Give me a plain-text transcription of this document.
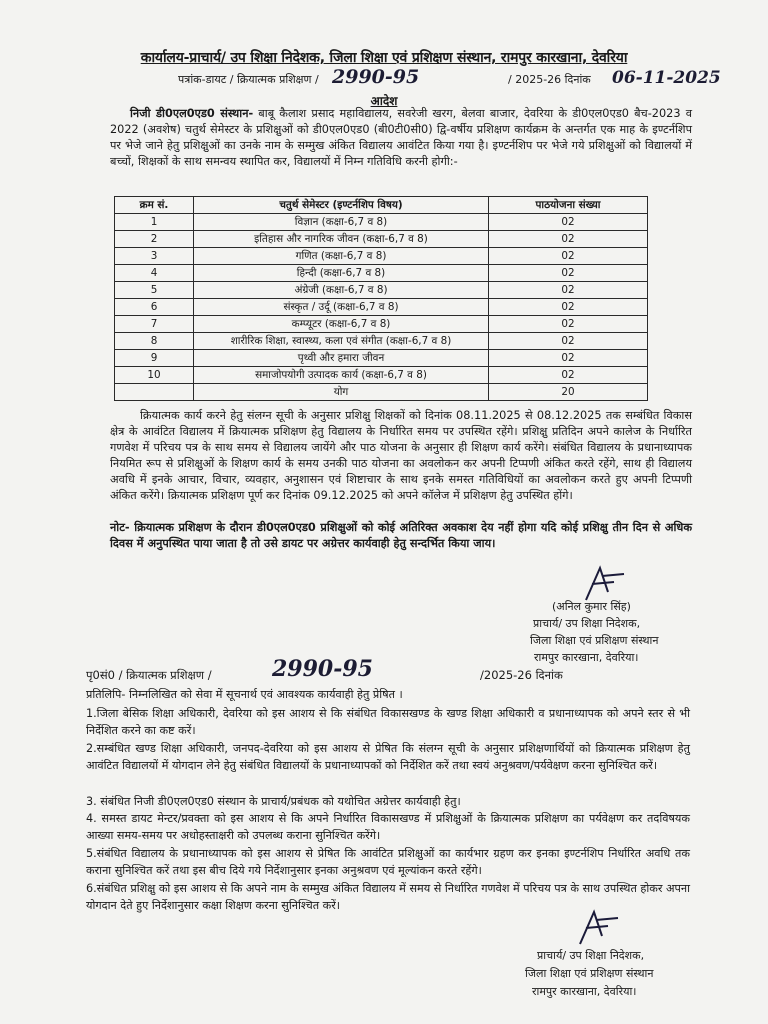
कार्यालय-प्राचार्य/ उप शिक्षा निदेशक, जिला शिक्षा एवं प्रशिक्षण संस्थान, रामपुर कारखाना, देवरिया
पत्रांक-डायट / क्रियात्मक प्रशिक्षण / 2990-95	/ 2025-26 दिनांक 06-11-2025
आदेश
निजी डी0एल0एड0 संस्थान- बाबू कैलाश प्रसाद महाविद्यालय, सवरेजी खरग, बेलवा बाजार, देवरिया के डी0एल0एड0 बैच-2023 व 2022 (अवशेष) चतुर्थ सेमेस्टर के प्रशिक्षुओं को डी0एल0एड0 (बी0टी0सी0) द्वि-वर्षीय प्रशिक्षण कार्यक्रम के अन्तर्गत एक माह के इण्टर्नशिप पर भेजे जाने हेतु प्रशिक्षुओं का उनके नाम के सम्मुख अंकित विद्यालय आवंटित किया गया है। इण्टर्नशिप पर भेजे गये प्रशिक्षुओं को विद्यालयों में बच्चों, शिक्षकों के साथ समन्वय स्थापित कर, विद्यालयों में निम्न गतिविधि करनी होगी:-
क्रम सं.	चतुर्थ सेमेस्टर (इण्टर्नशिप विषय)	पाठयोजना संख्या
1	विज्ञान (कक्षा-6,7 व 8)	02
2	इतिहास और नागरिक जीवन (कक्षा-6,7 व 8)	02
3	गणित (कक्षा-6,7 व 8)	02
4	हिन्दी (कक्षा-6,7 व 8)	02
5	अंग्रेजी (कक्षा-6,7 व 8)	02
6	संस्कृत / उर्दू (कक्षा-6,7 व 8)	02
7	कम्प्यूटर (कक्षा-6,7 व 8)	02
8	शारीरिक शिक्षा, स्वास्थ्य, कला एवं संगीत (कक्षा-6,7 व 8)	02
9	पृथ्वी और हमारा जीवन	02
10	समाजोपयोगी उत्पादक कार्य (कक्षा-6,7 व 8)	02
	योग	20
क्रियात्मक कार्य करने हेतु संलग्न सूची के अनुसार प्रशिक्षु शिक्षकों को दिनांक 08.11.2025 से 08.12.2025 तक सम्बंधित विकास क्षेत्र के आवंटित विद्यालय में क्रियात्मक प्रशिक्षण हेतु विद्यालय के निर्धारित समय पर उपस्थित रहेंगे। प्रशिक्षु प्रतिदिन अपने कालेज के निर्धारित गणवेश में परिचय पत्र के साथ समय से विद्यालय जायेंगे और पाठ योजना के अनुसार ही शिक्षण कार्य करेंगे। संबंधित विद्यालय के प्रधानाध्यापक नियमित रूप से प्रशिक्षुओं के शिक्षण कार्य के समय उनकी पाठ योजना का अवलोकन कर अपनी टिप्पणी अंकित करते रहेंगे, साथ ही विद्यालय अवधि में इनके आचार, विचार, व्यवहार, अनुशासन एवं शिष्टाचार के साथ इनके समस्त गतिविधियों का अवलोकन करते हुए अपनी टिप्पणी अंकित करेंगे। क्रियात्मक प्रशिक्षण पूर्ण कर दिनांक 09.12.2025 को अपने कॉलेज में प्रशिक्षण हेतु उपस्थित होंगे।
नोट- क्रियात्मक प्रशिक्षण के दौरान डी0एल0एड0 प्रशिक्षुओं को कोई अतिरिक्त अवकाश देय नहीं होगा यदि कोई प्रशिक्षु तीन दिन से अधिक दिवस में अनुपस्थित पाया जाता है तो उसे डायट पर अग्रेत्तर कार्यवाही हेतु सन्दर्भित किया जाय।
(अनिल कुमार सिंह)
प्राचार्य/ उप शिक्षा निदेशक,
जिला शिक्षा एवं प्रशिक्षण संस्थान
रामपुर कारखाना, देवरिया।
पृ0सं0 / क्रियात्मक प्रशिक्षण /	2990-95	/2025-26 दिनांक
प्रतिलिपि- निम्नलिखित को सेवा में सूचनार्थ एवं आवश्यक कार्यवाही हेतु प्रेषित ।
1.जिला बेसिक शिक्षा अधिकारी, देवरिया को इस आशय से कि संबंधित विकासखण्ड के खण्ड शिक्षा अधिकारी व प्रधानाध्यापक को अपने स्तर से भी निर्देशित करने का कष्ट करें।
2.सम्बंधित खण्ड शिक्षा अधिकारी, जनपद-देवरिया को इस आशय से प्रेषित कि संलग्न सूची के अनुसार प्रशिक्षणार्थियों को क्रियात्मक प्रशिक्षण हेतु आवंटित विद्यालयों में योगदान लेने हेतु संबंधित विद्यालयों के प्रधानाध्यापकों को निर्देशित करें तथा स्वयं अनुश्रवण/पर्यवेक्षण करना सुनिश्चित करें।
3. संबंधित निजी डी0एल0एड0 संस्थान के प्राचार्य/प्रबंधक को यथोचित अग्रेत्तर कार्यवाही हेतु।
4. समस्त डायट मेन्टर/प्रवक्ता को इस आशय से कि अपने निर्धारित विकासखण्ड में प्रशिक्षुओं के क्रियात्मक प्रशिक्षण का पर्यवेक्षण कर तदविषयक आख्या समय-समय पर अधोहस्ताक्षरी को उपलब्ध कराना सुनिश्चित करेंगे।
5.संबंधित विद्यालय के प्रधानाध्यापक को इस आशय से प्रेषित कि आवंटित प्रशिक्षुओं का कार्यभार ग्रहण कर इनका इण्टर्नशिप निर्धारित अवधि तक कराना सुनिश्चित करें तथा इस बीच दिये गये निर्देशानुसार इनका अनुश्रवण एवं मूल्यांकन करते रहेंगे।
6.संबंधित प्रशिक्षु को इस आशय से कि अपने नाम के सम्मुख अंकित विद्यालय में समय से निर्धारित गणवेश में परिचय पत्र के साथ उपस्थित होकर अपना योगदान देते हुए निर्देशानुसार कक्षा शिक्षण करना सुनिश्चित करें।
प्राचार्य/ उप शिक्षा निदेशक,
जिला शिक्षा एवं प्रशिक्षण संस्थान
रामपुर कारखाना, देवरिया।
